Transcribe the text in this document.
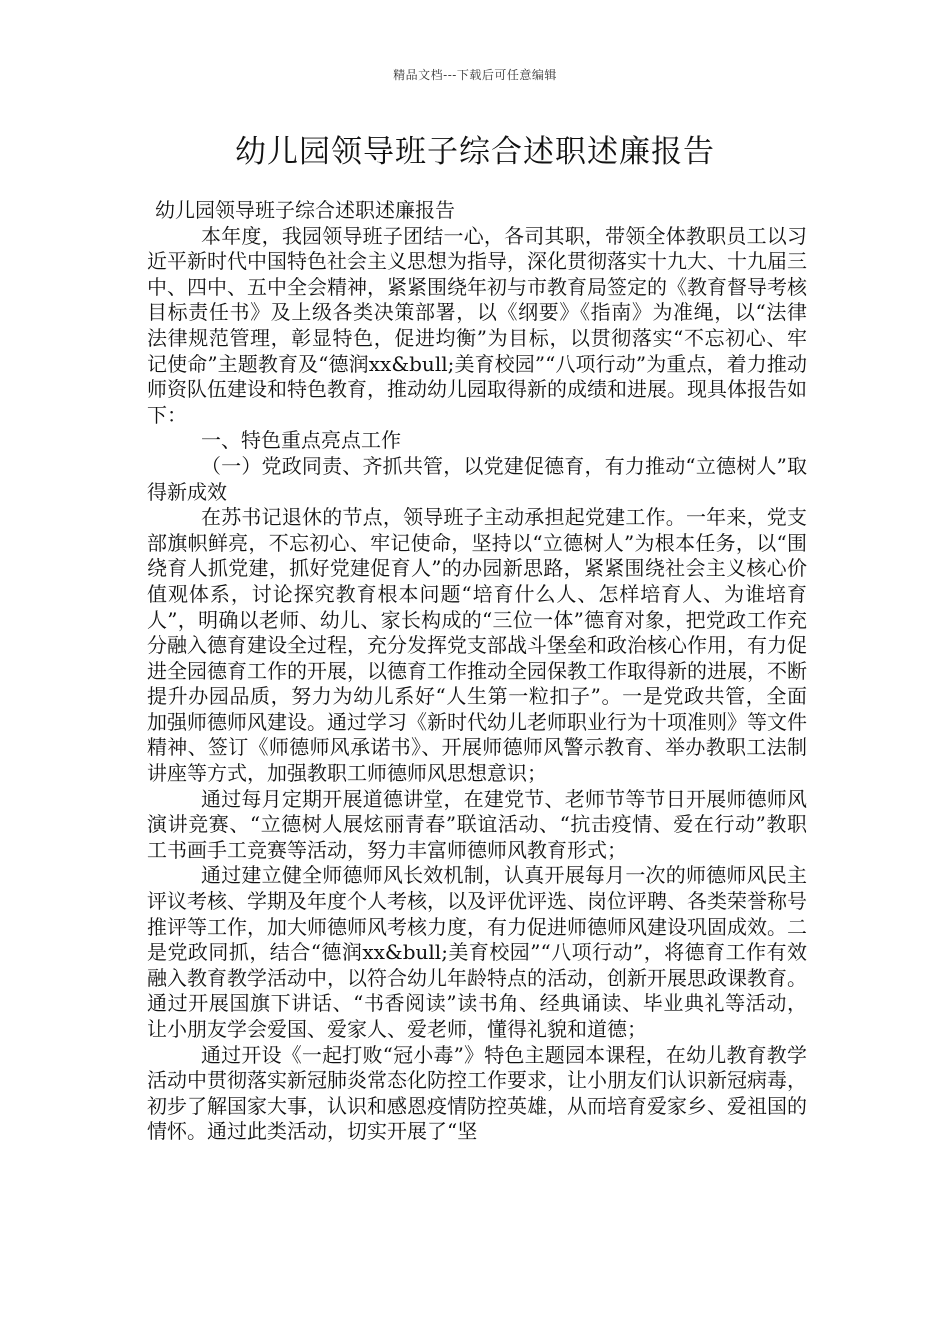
精品文档---下载后可任意编辑
幼儿园领导班子综合述职述廉报告

幼儿园领导班子综合述职述廉报告

本年度，我园领导班子团结一心，各司其职，带领全体教职员工以习近平新时代中国特色社会主义思想为指导，深化贯彻落实十九大、十九届三中、四中、五中全会精神，紧紧围绕年初与市教育局签定的《教育督导考核目标责任书》及上级各类决策部署，以《纲要》《指南》为准绳，以“法律法律规范管理，彰显特色，促进均衡”为目标，以贯彻落实“不忘初心、牢记使命”主题教育及“德润xx&bull;美育校园”“八项行动”为重点，着力推动师资队伍建设和特色教育，推动幼儿园取得新的成绩和进展。现具体报告如下：

一、特色重点亮点工作

（一）党政同责、齐抓共管，以党建促德育，有力推动“立德树人”取得新成效

在苏书记退休的节点，领导班子主动承担起党建工作。一年来，党支部旗帜鲜亮，不忘初心、牢记使命，坚持以“立德树人”为根本任务，以“围绕育人抓党建，抓好党建促育人”的办园新思路，紧紧围绕社会主义核心价值观体系，讨论探究教育根本问题“培育什么人、怎样培育人、为谁培育人”，明确以老师、幼儿、家长构成的“三位一体”德育对象，把党政工作充分融入德育建设全过程，充分发挥党支部战斗堡垒和政治核心作用，有力促进全园德育工作的开展，以德育工作推动全园保教工作取得新的进展，不断提升办园品质，努力为幼儿系好“人生第一粒扣子”。一是党政共管，全面加强师德师风建设。通过学习《新时代幼儿老师职业行为十项准则》等文件精神、签订《师德师风承诺书》、开展师德师风警示教育、举办教职工法制讲座等方式，加强教职工师德师风思想意识；

通过每月定期开展道德讲堂，在建党节、老师节等节日开展师德师风演讲竞赛、“立德树人展炫丽青春”联谊活动、“抗击疫情、爱在行动”教职工书画手工竞赛等活动，努力丰富师德师风教育形式；

通过建立健全师德师风长效机制，认真开展每月一次的师德师风民主评议考核、学期及年度个人考核，以及评优评选、岗位评聘、各类荣誉称号推评等工作，加大师德师风考核力度，有力促进师德师风建设巩固成效。二是党政同抓，结合“德润xx&bull;美育校园”“八项行动”，将德育工作有效融入教育教学活动中，以符合幼儿年龄特点的活动，创新开展思政课教育。通过开展国旗下讲话、“书香阅读”读书角、经典诵读、毕业典礼等活动，让小朋友学会爱国、爱家人、爱老师，懂得礼貌和道德；

通过开设《一起打败“冠小毒”》特色主题园本课程，在幼儿教育教学活动中贯彻落实新冠肺炎常态化防控工作要求，让小朋友们认识新冠病毒，初步了解国家大事，认识和感恩疫情防控英雄，从而培育爱家乡、爱祖国的情怀。通过此类活动，切实开展了“坚
